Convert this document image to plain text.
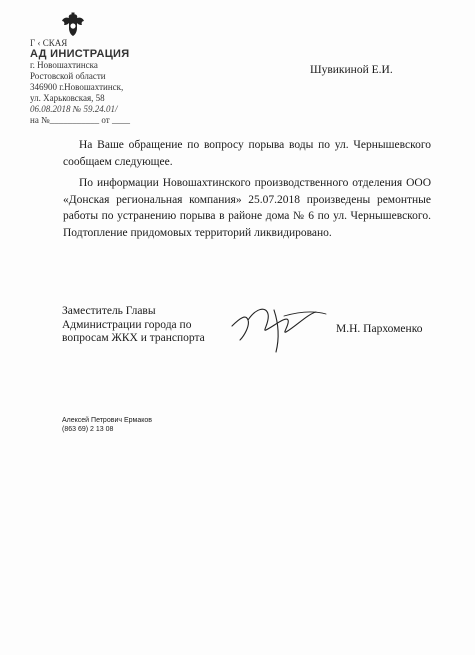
Г ‹ СКАЯ
АД ИНИСТРАЦИЯ
г. Новошахтинска
Ростовской области
346900 г.Новошахтинск,
ул. Харьковская, 58
06.08.2018 № 59.24.01/
на №___________ от ____
Шувикиной Е.И.

На Ваше обращение по вопросу порыва воды по ул. Чернышевского сообщаем следующее.

По информации Новошахтинского производственного отделения ООО «Донская региональная компания» 25.07.2018 произведены ремонтные работы по устранению порыва в районе дома № 6 по ул. Чернышевского. Подтопление придомовых территорий ликвидировано.

Заместитель Главы
Администрации города по
вопросам ЖКХ и транспорта
М.Н. Пархоменко
Алексей Петрович Ермаков
(863 69) 2 13 08
